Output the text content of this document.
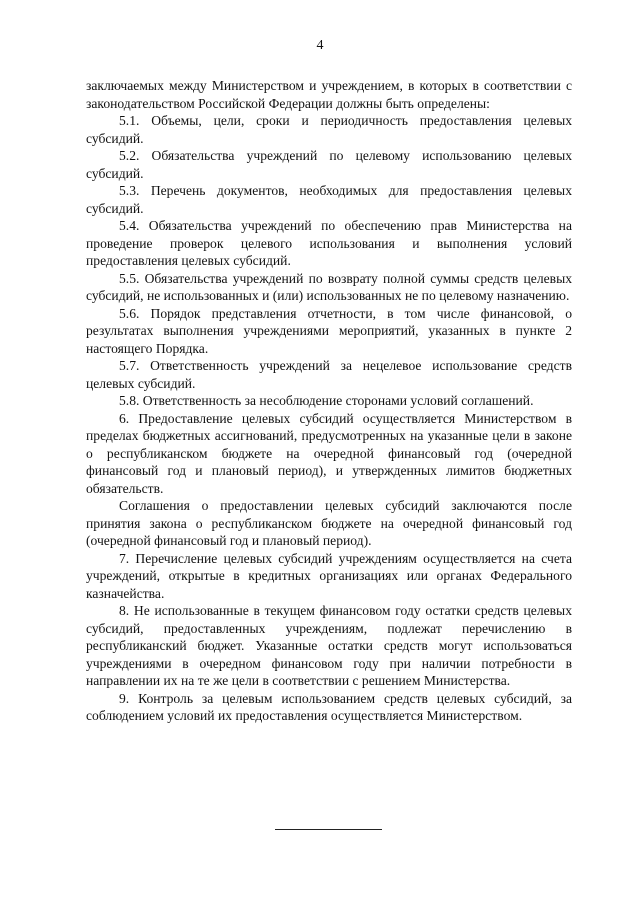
4

заключаемых между Министерством и учреждением, в которых в соответствии с законодательством Российской Федерации должны быть определены:

5.1. Объемы, цели, сроки и периодичность предоставления целевых субсидий.

5.2. Обязательства учреждений по целевому использованию целевых субсидий.

5.3. Перечень документов, необходимых для предоставления целевых субсидий.

5.4. Обязательства учреждений по обеспечению прав Министерства на проведение проверок целевого использования и выполнения условий предоставления целевых субсидий.

5.5. Обязательства учреждений по возврату полной суммы средств целевых субсидий, не использованных и (или) использованных не по целевому назначению.

5.6. Порядок представления отчетности, в том числе финансовой, о результатах выполнения учреждениями мероприятий, указанных в пункте 2 настоящего Порядка.

5.7. Ответственность учреждений за нецелевое использование средств целевых субсидий.

5.8. Ответственность за несоблюдение сторонами условий соглашений.

6. Предоставление целевых субсидий осуществляется Министерством в пределах бюджетных ассигнований, предусмотренных на указанные цели в законе о республиканском бюджете на очередной финансовый год (очередной финансовый год и плановый период), и утвержденных лимитов бюджетных обязательств.

Соглашения о предоставлении целевых субсидий заключаются после принятия закона о республиканском бюджете на очередной финансовый год (очередной финансовый год и плановый период).

7. Перечисление целевых субсидий учреждениям осуществляется на счета учреждений, открытые в кредитных организациях или органах Федерального казначейства.

8. Не использованные в текущем финансовом году остатки средств целевых субсидий, предоставленных учреждениям, подлежат перечислению в республиканский бюджет. Указанные остатки средств могут использоваться учреждениями в очередном финансовом году при наличии потребности в направлении их на те же цели в соответствии с решением Министерства.

9. Контроль за целевым использованием средств целевых субсидий, за соблюдением условий их предоставления осуществляется Министерством.
